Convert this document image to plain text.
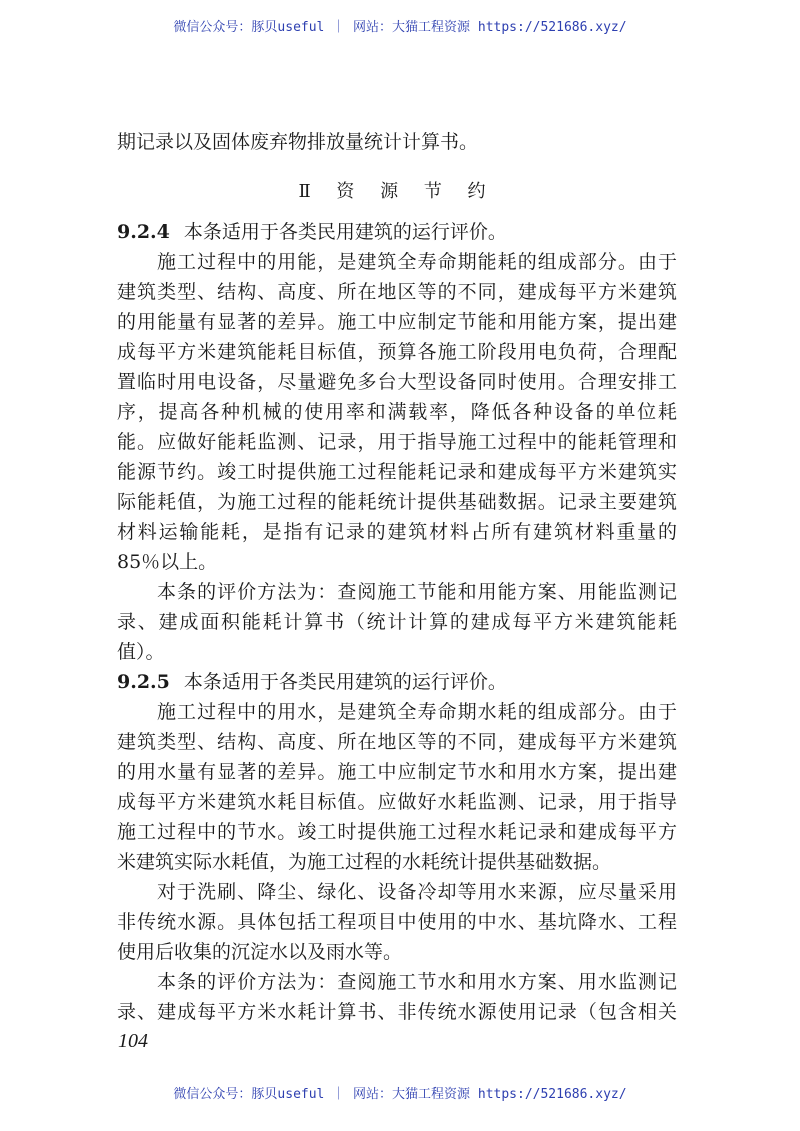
微信公众号：豚贝useful ｜ 网站：大猫工程资源 https://521686.xyz/
期记录以及固体废弃物排放量统计计算书。
Ⅱ 资 源 节 约
9.2.4 本条适用于各类民用建筑的运行评价。
施工过程中的用能，是建筑全寿命期能耗的组成部分。由于
建筑类型、结构、高度、所在地区等的不同，建成每平方米建筑
的用能量有显著的差异。施工中应制定节能和用能方案，提出建
成每平方米建筑能耗目标值，预算各施工阶段用电负荷，合理配
置临时用电设备，尽量避免多台大型设备同时使用。合理安排工
序，提高各种机械的使用率和满载率，降低各种设备的单位耗
能。应做好能耗监测、记录，用于指导施工过程中的能耗管理和
能源节约。竣工时提供施工过程能耗记录和建成每平方米建筑实
际能耗值，为施工过程的能耗统计提供基础数据。记录主要建筑
材料运输能耗，是指有记录的建筑材料占所有建筑材料重量的
85％以上。
本条的评价方法为：查阅施工节能和用能方案、用能监测记
录、建成面积能耗计算书（统计计算的建成每平方米建筑能耗
值）。
9.2.5 本条适用于各类民用建筑的运行评价。
施工过程中的用水，是建筑全寿命期水耗的组成部分。由于
建筑类型、结构、高度、所在地区等的不同，建成每平方米建筑
的用水量有显著的差异。施工中应制定节水和用水方案，提出建
成每平方米建筑水耗目标值。应做好水耗监测、记录，用于指导
施工过程中的节水。竣工时提供施工过程水耗记录和建成每平方
米建筑实际水耗值，为施工过程的水耗统计提供基础数据。
对于洗刷、降尘、绿化、设备冷却等用水来源，应尽量采用
非传统水源。具体包括工程项目中使用的中水、基坑降水、工程
使用后收集的沉淀水以及雨水等。
本条的评价方法为：查阅施工节水和用水方案、用水监测记
录、建成每平方米水耗计算书、非传统水源使用记录（包含相关
104
微信公众号：豚贝useful ｜ 网站：大猫工程资源 https://521686.xyz/
